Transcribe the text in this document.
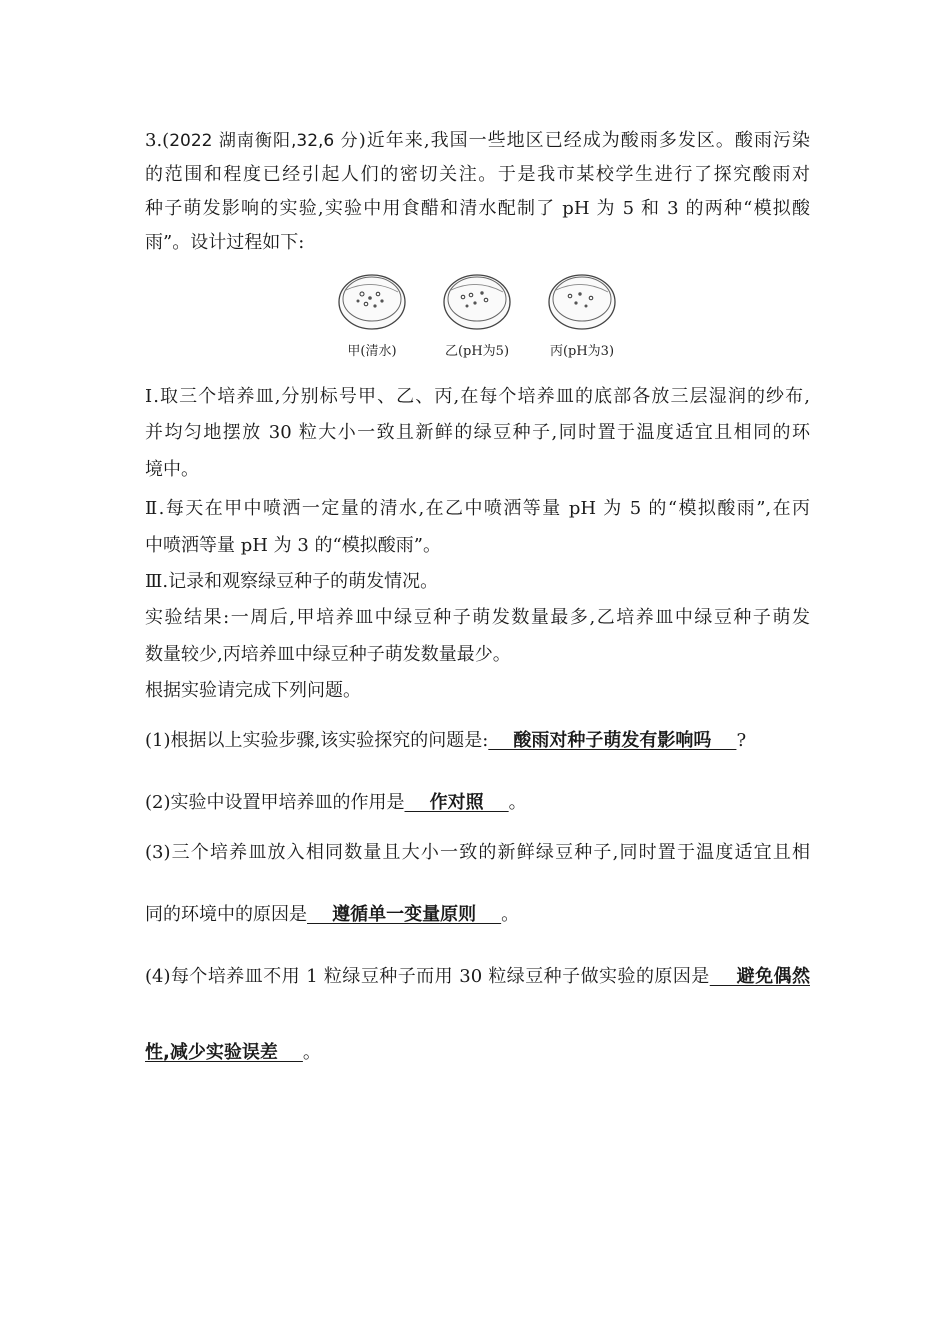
3.(2022 湖南衡阳,32,6 分)近年来,我国一些地区已经成为酸雨多发区。酸雨污染
的范围和程度已经引起人们的密切关注。于是我市某校学生进行了探究酸雨对
种子萌发影响的实验,实验中用食醋和清水配制了 pH 为 5 和 3 的两种“模拟酸
雨”。设计过程如下:
甲(清水)	乙(pH为5)	丙(pH为3)
Ⅰ.取三个培养皿,分别标号甲、乙、丙,在每个培养皿的底部各放三层湿润的纱布,
并均匀地摆放 30 粒大小一致且新鲜的绿豆种子,同时置于温度适宜且相同的环
境中。
Ⅱ.每天在甲中喷洒一定量的清水,在乙中喷洒等量 pH 为 5 的“模拟酸雨”,在丙
中喷洒等量 pH 为 3 的“模拟酸雨”。
Ⅲ.记录和观察绿豆种子的萌发情况。
实验结果:一周后,甲培养皿中绿豆种子萌发数量最多,乙培养皿中绿豆种子萌发
数量较少,丙培养皿中绿豆种子萌发数量最少。
根据实验请完成下列问题。
(1)根据以上实验步骤,该实验探究的问题是:    酸雨对种子萌发有影响吗    ?
(2)实验中设置甲培养皿的作用是    作对照    。
(3)三个培养皿放入相同数量且大小一致的新鲜绿豆种子,同时置于温度适宜且相
同的环境中的原因是    遵循单一变量原则    。
(4)每个培养皿不用 1 粒绿豆种子而用 30 粒绿豆种子做实验的原因是    避免偶然
性,减少实验误差    。
